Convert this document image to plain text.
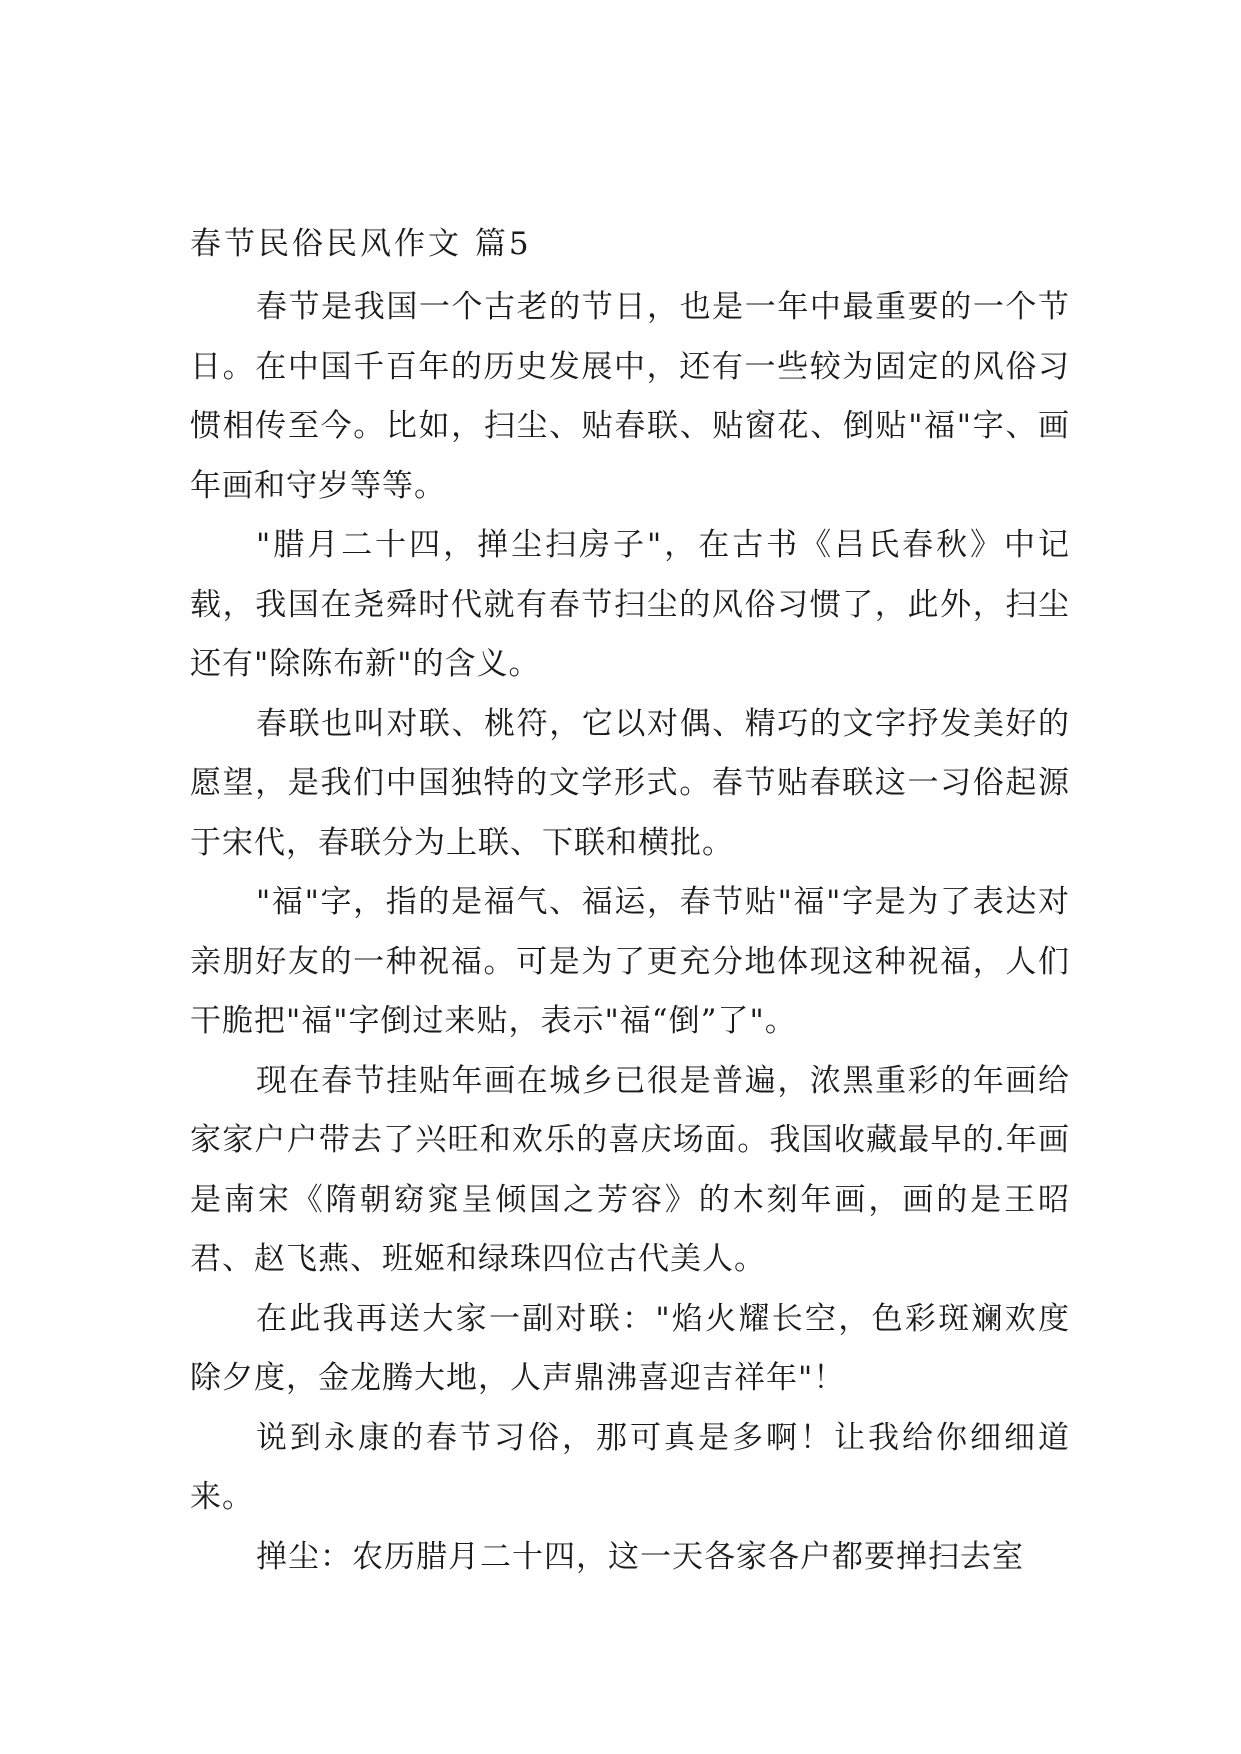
春节民俗民风作文 篇5

春节是我国一个古老的节日，也是一年中最重要的一个节日。在中国千百年的历史发展中，还有一些较为固定的风俗习惯相传至今。比如，扫尘、贴春联、贴窗花、倒贴"福"字、画年画和守岁等等。

"腊月二十四，掸尘扫房子"，在古书《吕氏春秋》中记载，我国在尧舜时代就有春节扫尘的风俗习惯了，此外，扫尘还有"除陈布新"的含义。

春联也叫对联、桃符，它以对偶、精巧的文字抒发美好的愿望，是我们中国独特的文学形式。春节贴春联这一习俗起源于宋代，春联分为上联、下联和横批。

"福"字，指的是福气、福运，春节贴"福"字是为了表达对亲朋好友的一种祝福。可是为了更充分地体现这种祝福，人们干脆把"福"字倒过来贴，表示"福“倒”了"。

现在春节挂贴年画在城乡已很是普遍，浓黑重彩的年画给家家户户带去了兴旺和欢乐的喜庆场面。我国收藏最早的.年画是南宋《隋朝窈窕呈倾国之芳容》的木刻年画，画的是王昭君、赵飞燕、班姬和绿珠四位古代美人。

在此我再送大家一副对联："焰火耀长空，色彩斑斓欢度除夕度，金龙腾大地，人声鼎沸喜迎吉祥年"！

说到永康的春节习俗，那可真是多啊！让我给你细细道来。

掸尘：农历腊月二十四，这一天各家各户都要掸扫去室
